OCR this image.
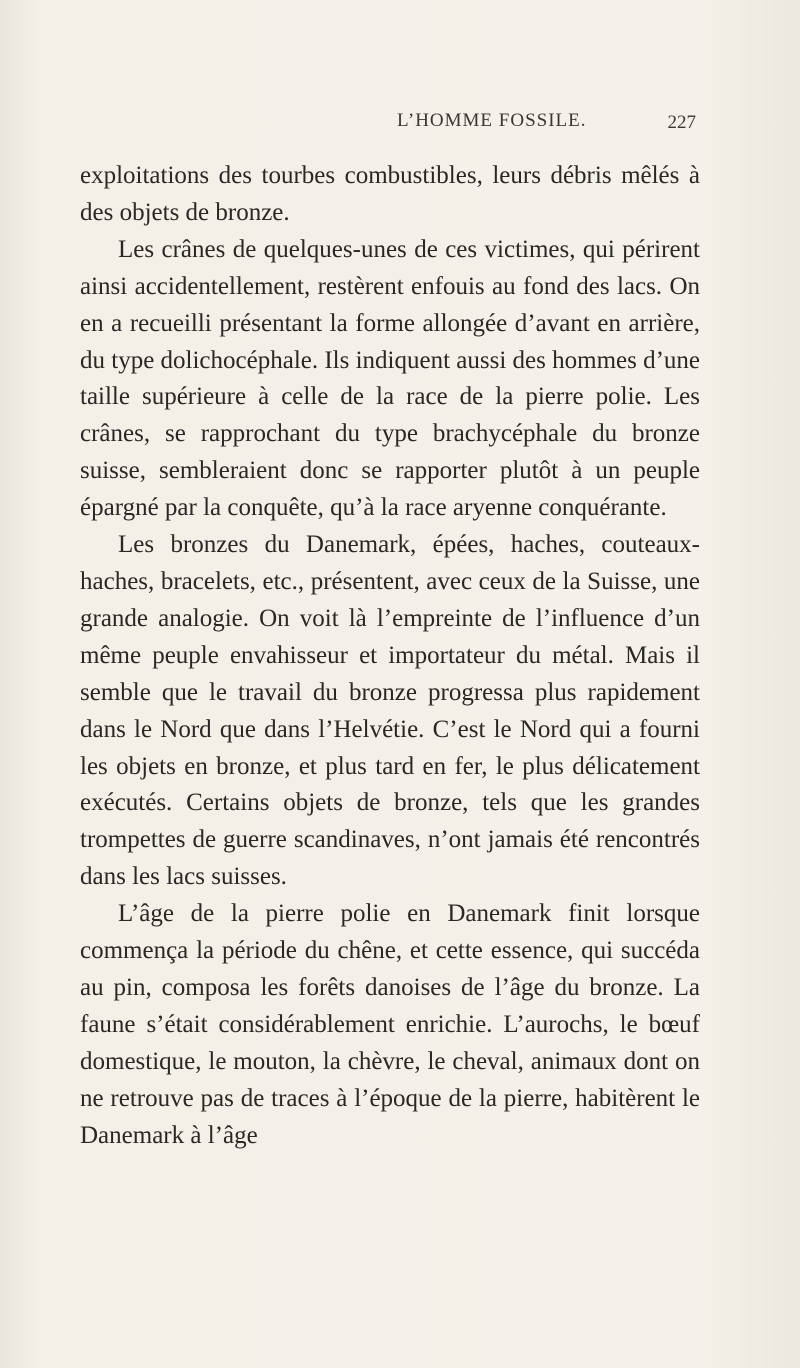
L’HOMME FOSSILE.	227

exploitations des tourbes combustibles, leurs débris mêlés à des objets de bronze.

Les crânes de quelques-unes de ces victimes, qui périrent ainsi accidentellement, restèrent enfouis au fond des lacs. On en a recueilli présentant la forme allongée d’avant en arrière, du type dolichocéphale. Ils indiquent aussi des hommes d’une taille supérieure à celle de la race de la pierre polie. Les crânes, se rapprochant du type brachycéphale du bronze suisse, sembleraient donc se rapporter plutôt à un peuple épargné par la conquête, qu’à la race aryenne conquérante.

Les bronzes du Danemark, épées, haches, couteaux-haches, bracelets, etc., présentent, avec ceux de la Suisse, une grande analogie. On voit là l’empreinte de l’influence d’un même peuple envahisseur et importateur du métal. Mais il semble que le travail du bronze progressa plus rapidement dans le Nord que dans l’Helvétie. C’est le Nord qui a fourni les objets en bronze, et plus tard en fer, le plus délicatement exécutés. Certains objets de bronze, tels que les grandes trompettes de guerre scandinaves, n’ont jamais été rencontrés dans les lacs suisses.

L’âge de la pierre polie en Danemark finit lorsque commença la période du chêne, et cette essence, qui succéda au pin, composa les forêts danoises de l’âge du bronze. La faune s’était considérablement enrichie. L’aurochs, le bœuf domestique, le mouton, la chèvre, le cheval, animaux dont on ne retrouve pas de traces à l’époque de la pierre, habitèrent le Danemark à l’âge
